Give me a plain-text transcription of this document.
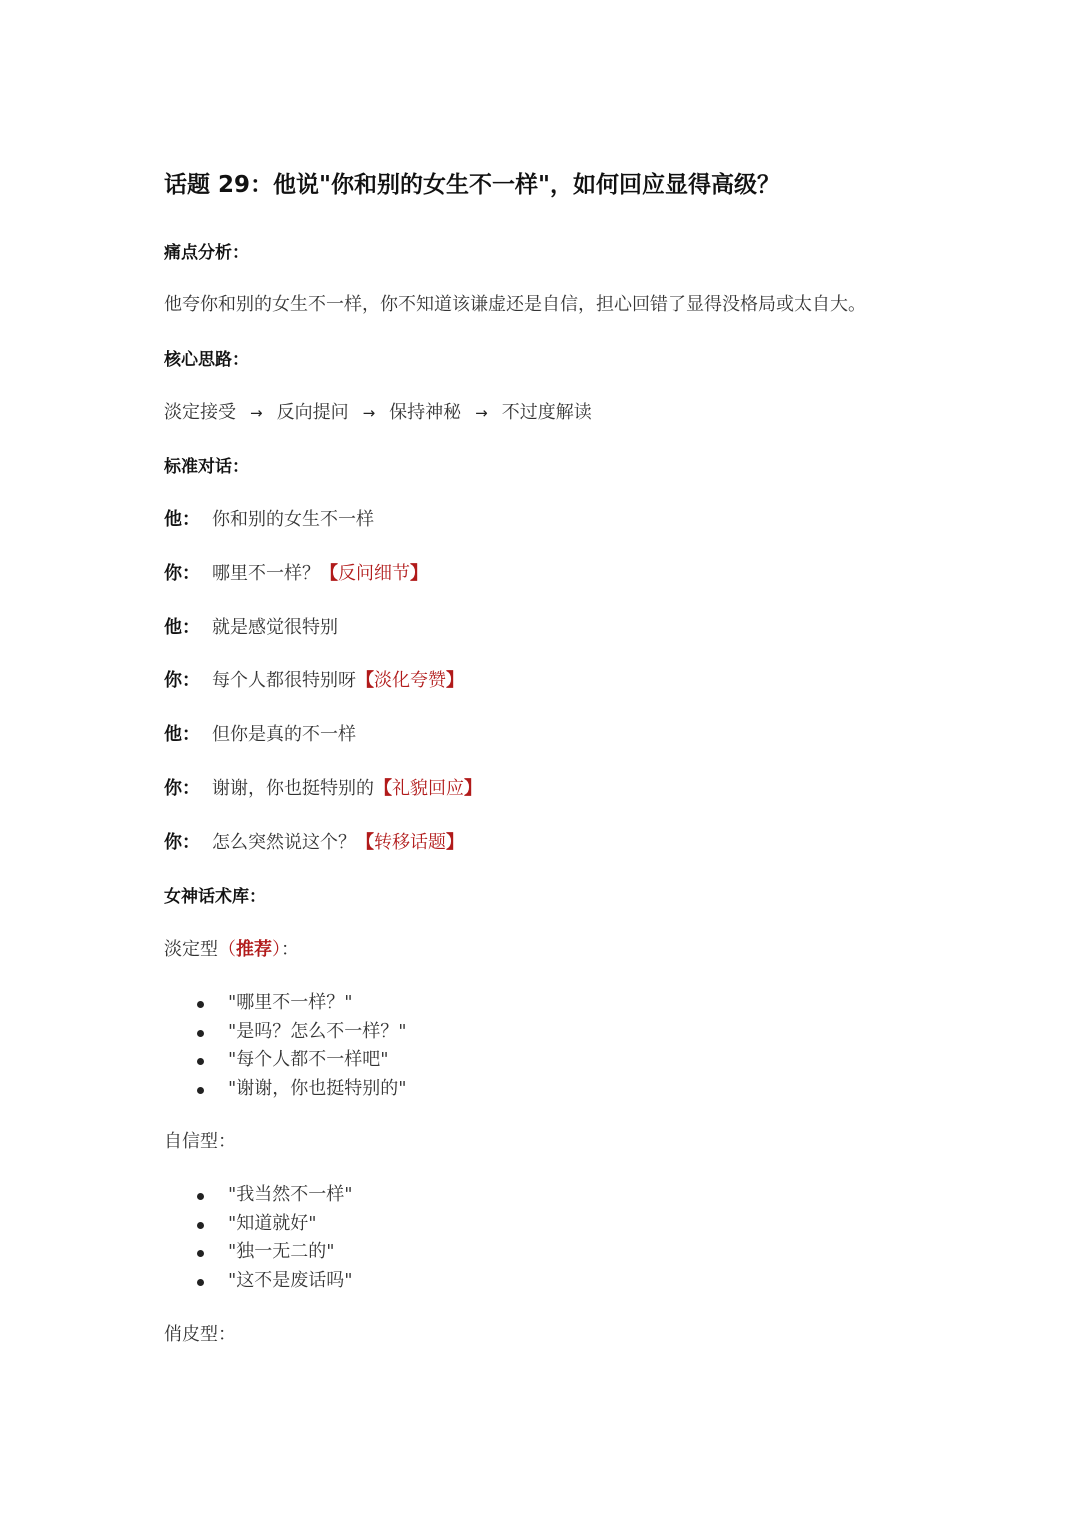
话题 29：他说"你和别的女生不一样"，如何回应显得高级？
痛点分析：
他夸你和别的女生不一样，你不知道该谦虚还是自信，担心回错了显得没格局或太自大。
核心思路：
淡定接受 → 反向提问 → 保持神秘 → 不过度解读
标准对话：
他： 你和别的女生不一样
你： 哪里不一样？【反问细节】
他： 就是感觉很特别
你： 每个人都很特别呀【淡化夸赞】
他： 但你是真的不一样
你： 谢谢，你也挺特别的【礼貌回应】
你： 怎么突然说这个？【转移话题】
女神话术库：
淡定型（推荐）：
"哪里不一样？"
"是吗？怎么不一样？"
"每个人都不一样吧"
"谢谢，你也挺特别的"
自信型：
"我当然不一样"
"知道就好"
"独一无二的"
"这不是废话吗"
俏皮型：
